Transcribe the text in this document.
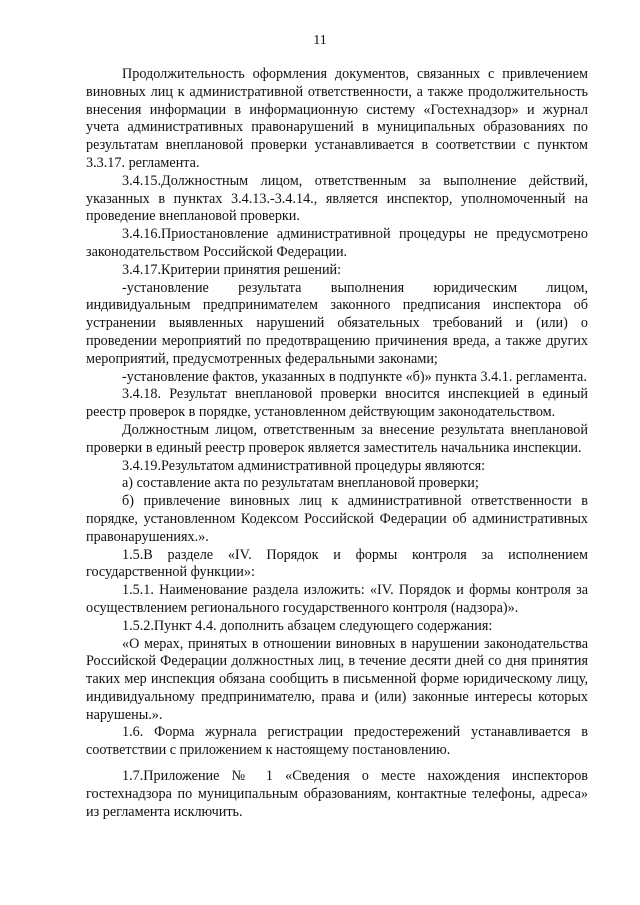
11

Продолжительность оформления документов, связанных с привлечением виновных лиц к административной ответственности, а также продолжительность внесения информации в информационную систему «Гостехнадзор» и журнал учета административных правонарушений в муниципальных образованиях по результатам внеплановой проверки устанавливается в соответствии с пунктом 3.3.17. регламента.

3.4.15.Должностным лицом, ответственным за выполнение действий, указанных в пунктах 3.4.13.-3.4.14., является инспектор, уполномоченный на проведение внеплановой проверки.

3.4.16.Приостановление административной процедуры не предусмотрено законодательством Российской Федерации.

3.4.17.Критерии принятия решений:

-установление результата выполнения юридическим лицом, индивидуальным предпринимателем законного предписания инспектора об устранении выявленных нарушений обязательных требований и (или) о проведении мероприятий по предотвращению причинения вреда, а также других мероприятий, предусмотренных федеральными законами;

-установление фактов, указанных в подпункте «б)» пункта 3.4.1. регламента.

3.4.18. Результат внеплановой проверки вносится инспекцией в единый реестр проверок в порядке, установленном действующим законодательством.

Должностным лицом, ответственным за внесение результата внеплановой проверки в единый реестр проверок является заместитель начальника инспекции.

3.4.19.Результатом административной процедуры являются:

а) составление акта по результатам внеплановой проверки;

б) привлечение виновных лиц к административной ответственности в порядке, установленном Кодексом Российской Федерации об административных правонарушениях.».

1.5.В разделе «IV. Порядок и формы контроля за исполнением государственной функции»:

1.5.1. Наименование раздела изложить: «IV. Порядок и формы контроля за осуществлением регионального государственного контроля (надзора)».

1.5.2.Пункт 4.4. дополнить абзацем следующего содержания:

«О мерах, принятых в отношении виновных в нарушении законодательства Российской Федерации должностных лиц, в течение десяти дней со дня принятия таких мер инспекция обязана сообщить в письменной форме юридическому лицу, индивидуальному предпринимателю, права и (или) законные интересы которых нарушены.».

1.6. Форма журнала регистрации предостережений устанавливается в соответствии с приложением к настоящему постановлению.

1.7.Приложение № 1 «Сведения о месте нахождения инспекторов гостехнадзора по муниципальным образованиям, контактные телефоны, адреса» из регламента исключить.
